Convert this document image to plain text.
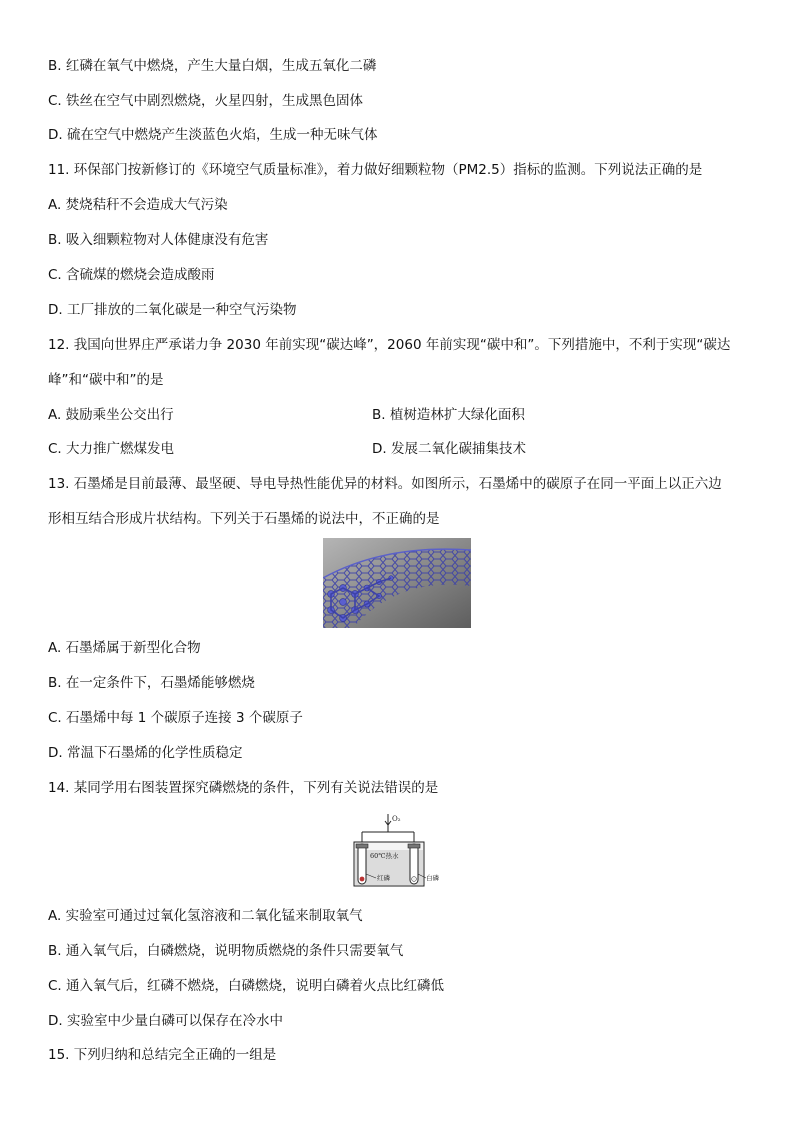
B. 红磷在氧气中燃烧，产生大量白烟，生成五氧化二磷
C. 铁丝在空气中剧烈燃烧，火星四射，生成黑色固体
D. 硫在空气中燃烧产生淡蓝色火焰，生成一种无味气体
11. 环保部门按新修订的《环境空气质量标准》，着力做好细颗粒物（PM2.5）指标的监测。下列说法正确的是
A. 焚烧秸秆不会造成大气污染
B. 吸入细颗粒物对人体健康没有危害
C. 含硫煤的燃烧会造成酸雨
D. 工厂排放的二氧化碳是一种空气污染物
12. 我国向世界庄严承诺力争 2030 年前实现“碳达峰”，2060 年前实现“碳中和”。下列措施中，不利于实现“碳达
峰”和“碳中和”的是
A. 鼓励乘坐公交出行	B. 植树造林扩大绿化面积
C. 大力推广燃煤发电	D. 发展二氧化碳捕集技术
13. 石墨烯是目前最薄、最坚硬、导电导热性能优异的材料。如图所示，石墨烯中的碳原子在同一平面上以正六边
形相互结合形成片状结构。下列关于石墨烯的说法中，不正确的是
A. 石墨烯属于新型化合物
B. 在一定条件下，石墨烯能够燃烧
C. 石墨烯中每 1 个碳原子连接 3 个碳原子
D. 常温下石墨烯的化学性质稳定
14. 某同学用右图装置探究磷燃烧的条件，下列有关说法错误的是
O₂
60℃热水
红磷	白磷
A. 实验室可通过过氧化氢溶液和二氧化锰来制取氧气
B. 通入氧气后，白磷燃烧，说明物质燃烧的条件只需要氧气
C. 通入氧气后，红磷不燃烧，白磷燃烧，说明白磷着火点比红磷低
D. 实验室中少量白磷可以保存在冷水中
15. 下列归纳和总结完全正确的一组是
